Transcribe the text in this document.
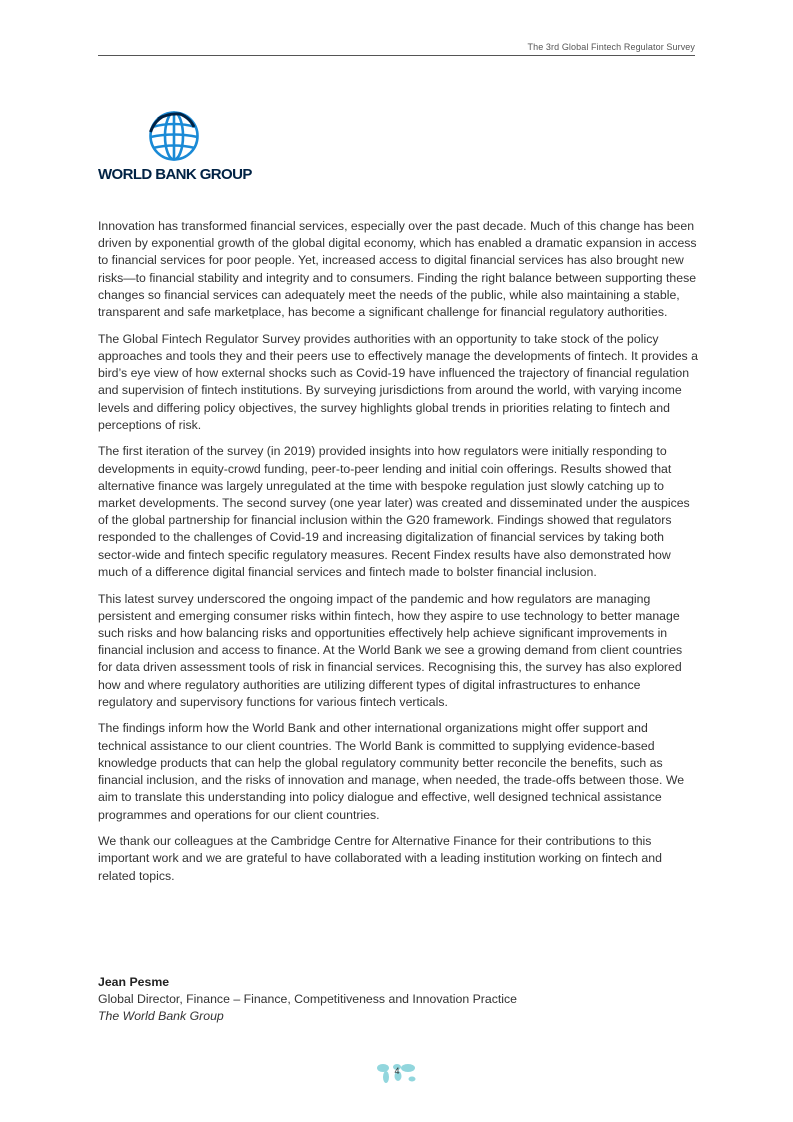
The 3rd Global Fintech Regulator Survey
WORLD BANK GROUP

Innovation has transformed financial services, especially over the past decade. Much of this change has been driven by exponential growth of the global digital economy, which has enabled a dramatic expansion in access to financial services for poor people. Yet, increased access to digital financial services has also brought new risks—to financial stability and integrity and to consumers. Finding the right balance between supporting these changes so financial services can adequately meet the needs of the public, while also maintaining a stable, transparent and safe marketplace, has become a significant challenge for financial regulatory authorities.

The Global Fintech Regulator Survey provides authorities with an opportunity to take stock of the policy approaches and tools they and their peers use to effectively manage the developments of fintech. It provides a bird’s eye view of how external shocks such as Covid-19 have influenced the trajectory of financial regulation and supervision of fintech institutions. By surveying jurisdictions from around the world, with varying income levels and differing policy objectives, the survey highlights global trends in priorities relating to fintech and perceptions of risk.

The first iteration of the survey (in 2019) provided insights into how regulators were initially responding to developments in equity-crowd funding, peer-to-peer lending and initial coin offerings. Results showed that alternative finance was largely unregulated at the time with bespoke regulation just slowly catching up to market developments. The second survey (one year later) was created and disseminated under the auspices of the global partnership for financial inclusion within the G20 framework. Findings showed that regulators responded to the challenges of Covid-19 and increasing digitalization of financial services by taking both sector-wide and fintech specific regulatory measures. Recent Findex results have also demonstrated how much of a difference digital financial services and fintech made to bolster financial inclusion.

This latest survey underscored the ongoing impact of the pandemic and how regulators are managing persistent and emerging consumer risks within fintech, how they aspire to use technology to better manage such risks and how balancing risks and opportunities effectively help achieve significant improvements in financial inclusion and access to finance. At the World Bank we see a growing demand from client countries for data driven assessment tools of risk in financial services. Recognising this, the survey has also explored how and where regulatory authorities are utilizing different types of digital infrastructures to enhance regulatory and supervisory functions for various fintech verticals.

The findings inform how the World Bank and other international organizations might offer support and technical assistance to our client countries. The World Bank is committed to supplying evidence-based knowledge products that can help the global regulatory community better reconcile the benefits, such as financial inclusion, and the risks of innovation and manage, when needed, the trade-offs between those. We aim to translate this understanding into policy dialogue and effective, well designed technical assistance programmes and operations for our client countries.

We thank our colleagues at the Cambridge Centre for Alternative Finance for their contributions to this important work and we are grateful to have collaborated with a leading institution working on fintech and related topics.

Jean Pesme
Global Director, Finance – Finance, Competitiveness and Innovation Practice
The World Bank Group
4
